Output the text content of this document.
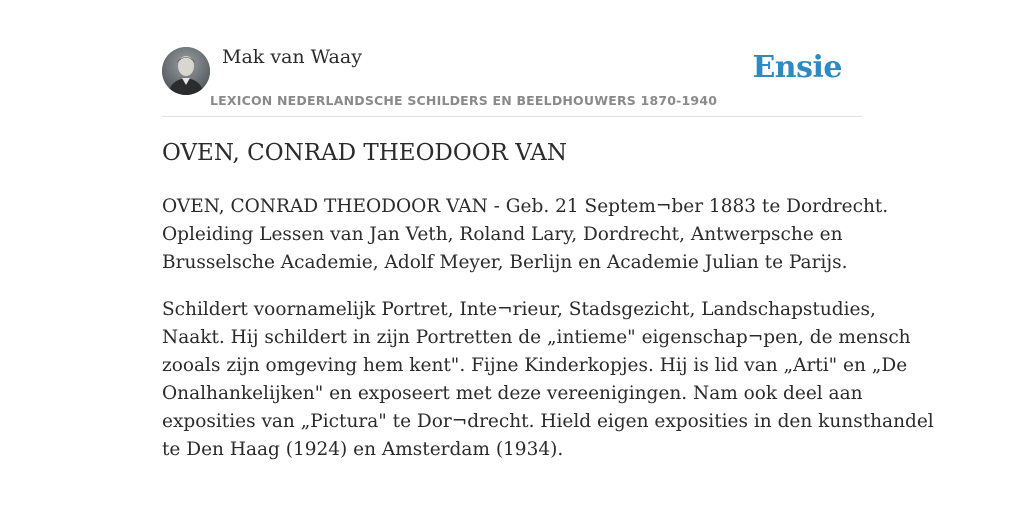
Mak van Waay
LEXICON NEDERLANDSCHE SCHILDERS EN BEELDHOUWERS 1870-1940
Ensie
OVEN, CONRAD THEODOOR VAN

OVEN, CONRAD THEODOOR VAN - Geb. 21 Septem¬ber 1883 te Dordrecht.
Opleiding Lessen van Jan Veth, Roland Lary, Dordrecht, Antwerpsche en
Brusselsche Academie, Adolf Meyer, Berlijn en Academie Julian te Parijs.

Schildert voornamelijk Portret, Inte¬rieur, Stadsgezicht, Landschapstudies,
Naakt. Hij schildert in zijn Portretten de „intieme" eigenschap¬pen, de mensch
zooals zijn omgeving hem kent". Fijne Kinderkopjes. Hij is lid van „Arti" en „De
Onalhankelijken" en exposeert met deze vereenigingen. Nam ook deel aan
exposities van „Pictura" te Dor¬drecht. Hield eigen exposities in den kunsthandel
te Den Haag (1924) en Amsterdam (1934).
